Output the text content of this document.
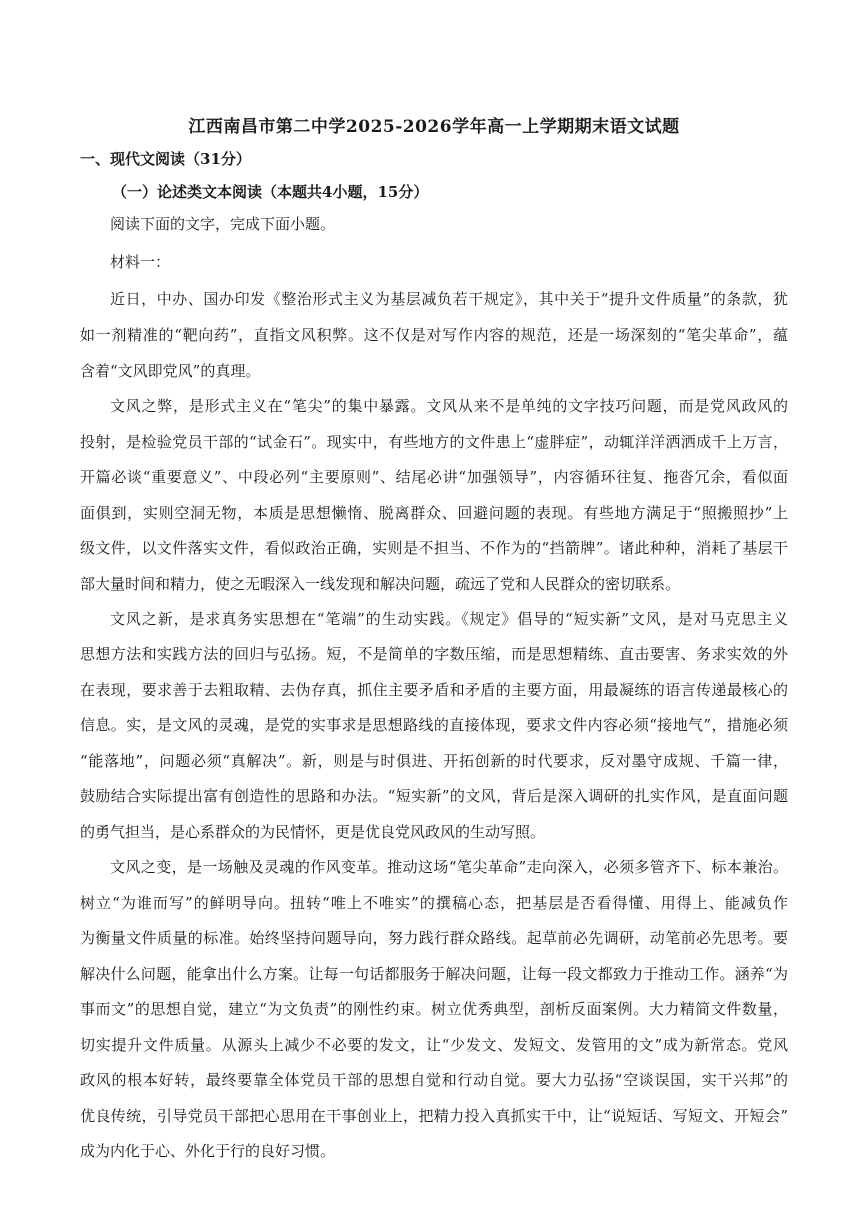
江西南昌市第二中学2025-2026学年高一上学期期末语文试题
一、现代文阅读（31分）
（一）论述类文本阅读（本题共4小题，15分）
阅读下面的文字，完成下面小题。
材料一：
近日，中办、国办印发《整治形式主义为基层减负若干规定》，其中关于“提升文件质量”的条款，犹
如一剂精准的“靶向药”，直指文风积弊。这不仅是对写作内容的规范，还是一场深刻的“笔尖革命”，蕴
含着“文风即党风”的真理。
文风之弊，是形式主义在“笔尖”的集中暴露。文风从来不是单纯的文字技巧问题，而是党风政风的
投射，是检验党员干部的“试金石”。现实中，有些地方的文件患上“虚胖症”，动辄洋洋洒洒成千上万言，
开篇必谈“重要意义”、中段必列“主要原则”、结尾必讲“加强领导”，内容循环往复、拖沓冗余，看似面
面俱到，实则空洞无物，本质是思想懒惰、脱离群众、回避问题的表现。有些地方满足于“照搬照抄”上
级文件，以文件落实文件，看似政治正确，实则是不担当、不作为的“挡箭牌”。诸此种种，消耗了基层干
部大量时间和精力，使之无暇深入一线发现和解决问题，疏远了党和人民群众的密切联系。
文风之新，是求真务实思想在“笔端”的生动实践。《规定》倡导的“短实新”文风，是对马克思主义
思想方法和实践方法的回归与弘扬。短，不是简单的字数压缩，而是思想精练、直击要害、务求实效的外
在表现，要求善于去粗取精、去伪存真，抓住主要矛盾和矛盾的主要方面，用最凝练的语言传递最核心的
信息。实，是文风的灵魂，是党的实事求是思想路线的直接体现，要求文件内容必须“接地气”，措施必须
“能落地”，问题必须“真解决”。新，则是与时俱进、开拓创新的时代要求，反对墨守成规、千篇一律，
鼓励结合实际提出富有创造性的思路和办法。“短实新”的文风，背后是深入调研的扎实作风，是直面问题
的勇气担当，是心系群众的为民情怀，更是优良党风政风的生动写照。
文风之变，是一场触及灵魂的作风变革。推动这场“笔尖革命”走向深入，必须多管齐下、标本兼治。
树立“为谁而写”的鲜明导向。扭转“唯上不唯实”的撰稿心态，把基层是否看得懂、用得上、能减负作
为衡量文件质量的标准。始终坚持问题导向，努力践行群众路线。起草前必先调研，动笔前必先思考。要
解决什么问题，能拿出什么方案。让每一句话都服务于解决问题，让每一段文都致力于推动工作。涵养“为
事而文”的思想自觉，建立“为文负责”的刚性约束。树立优秀典型，剖析反面案例。大力精简文件数量，
切实提升文件质量。从源头上减少不必要的发文，让“少发文、发短文、发管用的文”成为新常态。党风
政风的根本好转，最终要靠全体党员干部的思想自觉和行动自觉。要大力弘扬“空谈误国，实干兴邦”的
优良传统，引导党员干部把心思用在干事创业上，把精力投入真抓实干中，让“说短话、写短文、开短会”
成为内化于心、外化于行的良好习惯。
